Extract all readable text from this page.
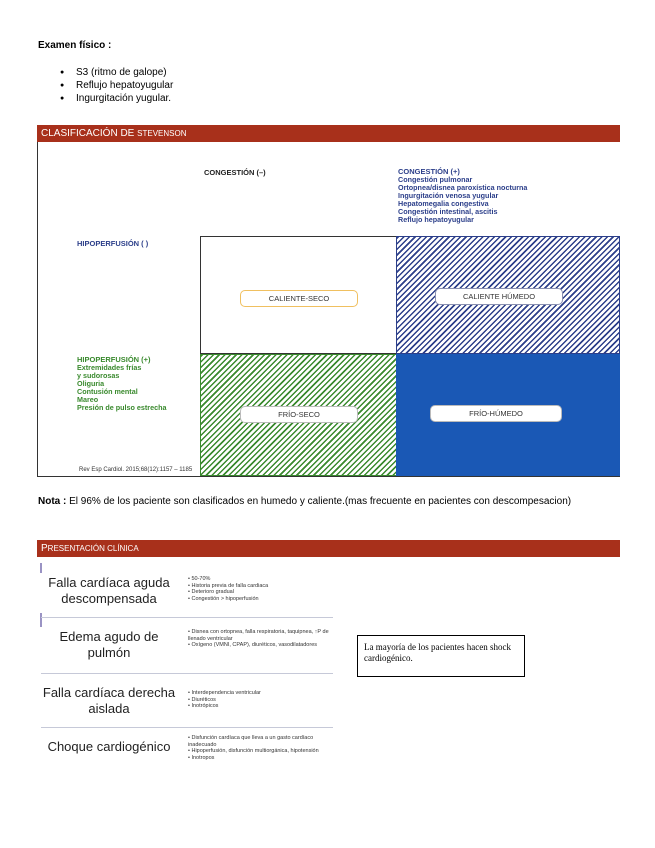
Examen físico :
● S3 (ritmo de galope)
● Reflujo hepatoyugular
● Ingurgitación yugular.
CLASIFICACIÓN DE STEVENSON
CONGESTIÓN (–)	CONGESTIÓN (+)
Congestión pulmonar
Ortopnea/disnea paroxística nocturna
Ingurgitación venosa yugular
Hepatomegalia congestiva
Congestión intestinal, ascitis
Reflujo hepatoyugular
HIPOPERFUSIÓN ( )
HIPOPERFUSIÓN (+)
Extremidades frías
y sudorosas
Oliguria
Contusión mental
Mareo
Presión de pulso estrecha
CALIENTE-SECO	CALIENTE HÚMEDO
FRÍO-SECO	FRÍO-HÚMEDO
Rev Esp Cardiol. 2015;68(12):1157 – 1185
Nota : El 96% de los paciente son clasificados en humedo y caliente.(mas frecuente en pacientes con descompesacion)
PRESENTACIÓN CLÍNICA
Falla cardíaca aguda descompensada
• 50-70%
• Historia previa de falla cardiaca
• Deterioro gradual
• Congestión > hipoperfusión
Edema agudo de pulmón
• Disnea con ortopnea, falla respiratoria, taquipnea, ↑P de llenado ventricular
• Oxígeno (VMNI, CPAP), diuréticos, vasodilatadores
Falla cardíaca derecha aislada
• Interdependencia ventricular
• Diuréticos
• Inotrópicos
Choque cardiogénico
• Disfunción cardíaca que lleva a un gasto cardíaco inadecuado
• Hipoperfusión, disfunción multiorgánica, hipotensión
• Inotropos
La mayoría de los pacientes hacen shock cardiogénico.
